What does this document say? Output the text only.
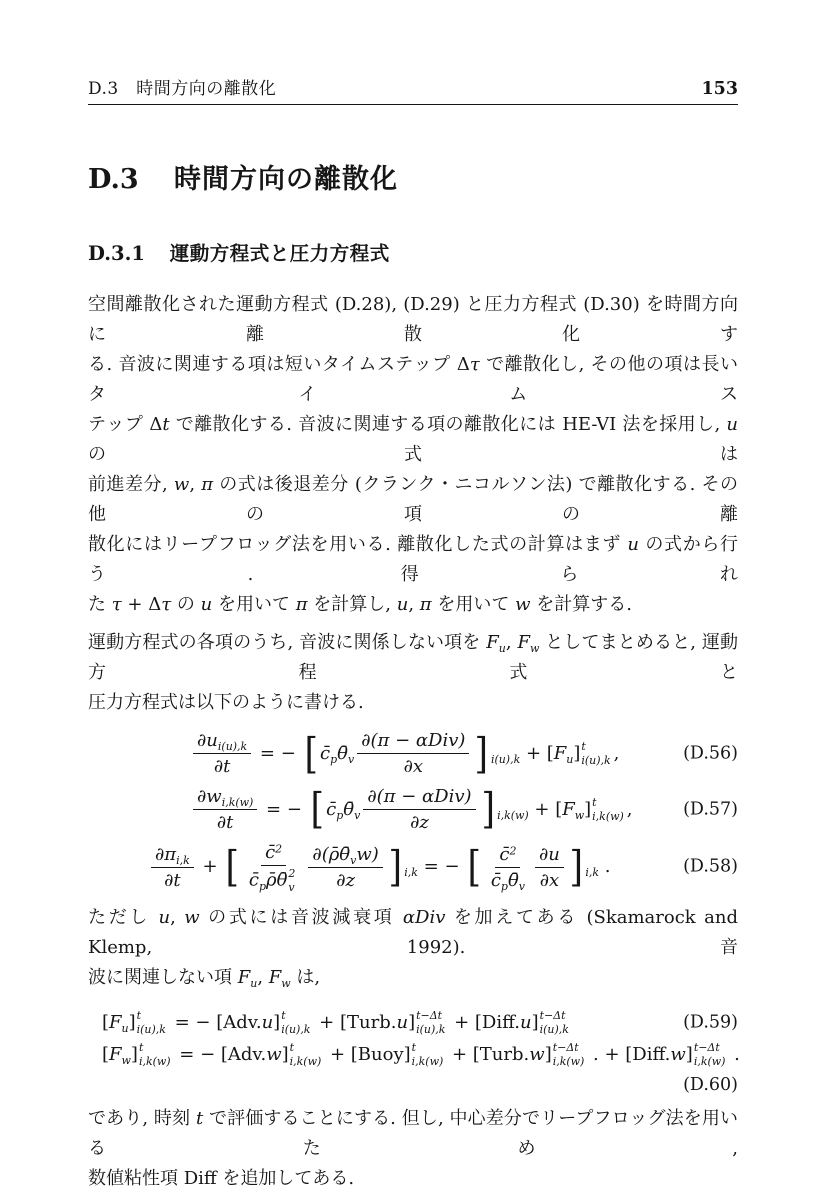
D.3　時間方向の離散化	153
D.3 時間方向の離散化
D.3.1 運動方程式と圧力方程式
空間離散化された運動方程式 (D.28), (D.29) と圧力方程式 (D.30) を時間方向に離散化す
る. 音波に関連する項は短いタイムステップ Δτ で離散化し, その他の項は長いタイムス
テップ Δt で離散化する. 音波に関連する項の離散化には HE-VI 法を採用し, u の式は
前進差分, w, π の式は後退差分 (クランク・ニコルソン法) で離散化する. その他の項の離
散化にはリープフロッグ法を用いる. 離散化した式の計算はまず u の式から行う. 得られ
た τ + Δτ の u を用いて π を計算し, u, π を用いて w を計算する.
運動方程式の各項のうち, 音波に関係しない項を $F_u$, $F_w$ としてまとめると, 運動方程式と
圧力方程式は以下のように書ける.
$\frac{\partial u_{i(u),k}}{\partial t}$ = − [ $c̄_p\thetā_v \frac{\text{∂(π − αDiv)}}{\partial x}$ ] $_{i(u),k} + [F_u]$ t
i(u),k ,	(D.56)
$\frac{\partial w_{i,k(w)}}{\partial t}$ = − [ $c̄_p\thetā_v \frac{\text{∂(π − αDiv)}}{\partial z}$ ] $_{i,k(w)} + [F_w]$ t
i,k(w) ,	(D.57)
$\frac{\partial\pi_{i,k}}{\partial t}$ + [ c̄$^2$
$c̄_p\rhō\thetā$ 2
v $\frac{\partial(\rhō\thetā_vw)}{\partial z}$ ] $_{i,k}$ = − [ $\frac{c̄^2}{c̄_p\thetā_v} \frac{\partial u}{\partial x}$ ] $_{i,k}$ .	(D.58)
ただし u, w の式には音波減衰項 αDiv を加えてある (Skamarock and Klemp, 1992). 音
波に関連しない項 $F_u$, $F_w$ は,
$[F_u]$ t
i(u),k = − [Adv.u] t
i(u),k + [Turb.u] t−Δt
i(u),k + [Diff.u] t−Δt
i(u),k	(D.59)
$[F_w]$ t
i,k(w) = − [Adv.w] t
i,k(w) + [Buoy] t
i,k(w) + [Turb.w] t−Δt
i,k(w) . + [Diff.w] t−Δt
i,k(w) .
(D.60)
であり, 時刻 t で評価することにする. 但し, 中心差分でリープフロッグ法を用いるため,
数値粘性項 Diff を追加してある.
